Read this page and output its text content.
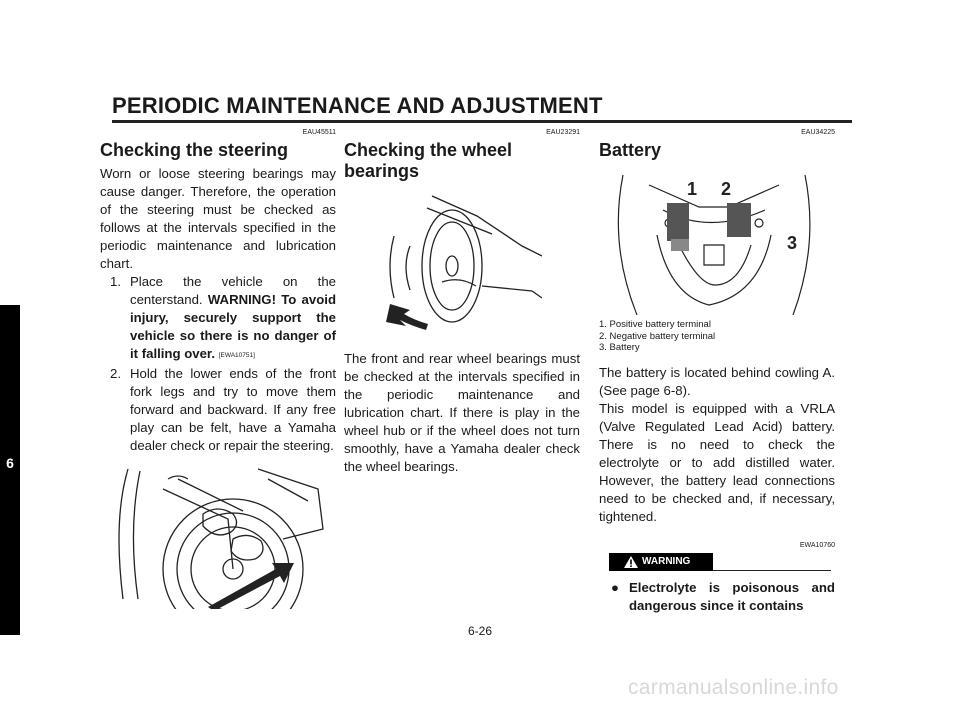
PERIODIC MAINTENANCE AND ADJUSTMENT
6
EAU45511
Checking the steering

Worn or loose steering bearings may cause danger. Therefore, the operation of the steering must be checked as follows at the intervals specified in the periodic maintenance and lubrication chart.

1. Place the vehicle on the centerstand. WARNING! To avoid injury, securely support the vehicle so there is no danger of it falling over. [EWA10751]
2. Hold the lower ends of the front fork legs and try to move them forward and backward. If any free play can be felt, have a Yamaha dealer check or repair the steering.
EAU23291
Checking the wheel bearings

The front and rear wheel bearings must be checked at the intervals specified in the periodic maintenance and lubrication chart. If there is play in the wheel hub or if the wheel does not turn smoothly, have a Yamaha dealer check the wheel bearings.

EAU34225
Battery
1 2
3
1. Positive battery terminal
2. Negative battery terminal
3. Battery

The battery is located behind cowling A. (See page 6-8).

This model is equipped with a VRLA (Valve Regulated Lead Acid) battery. There is no need to check the electrolyte or to add distilled water. However, the battery lead connections need to be checked and, if necessary, tightened.

EWA10760
WARNING
● Electrolyte is poisonous and dangerous since it contains
6-26
carmanualsonline.info
